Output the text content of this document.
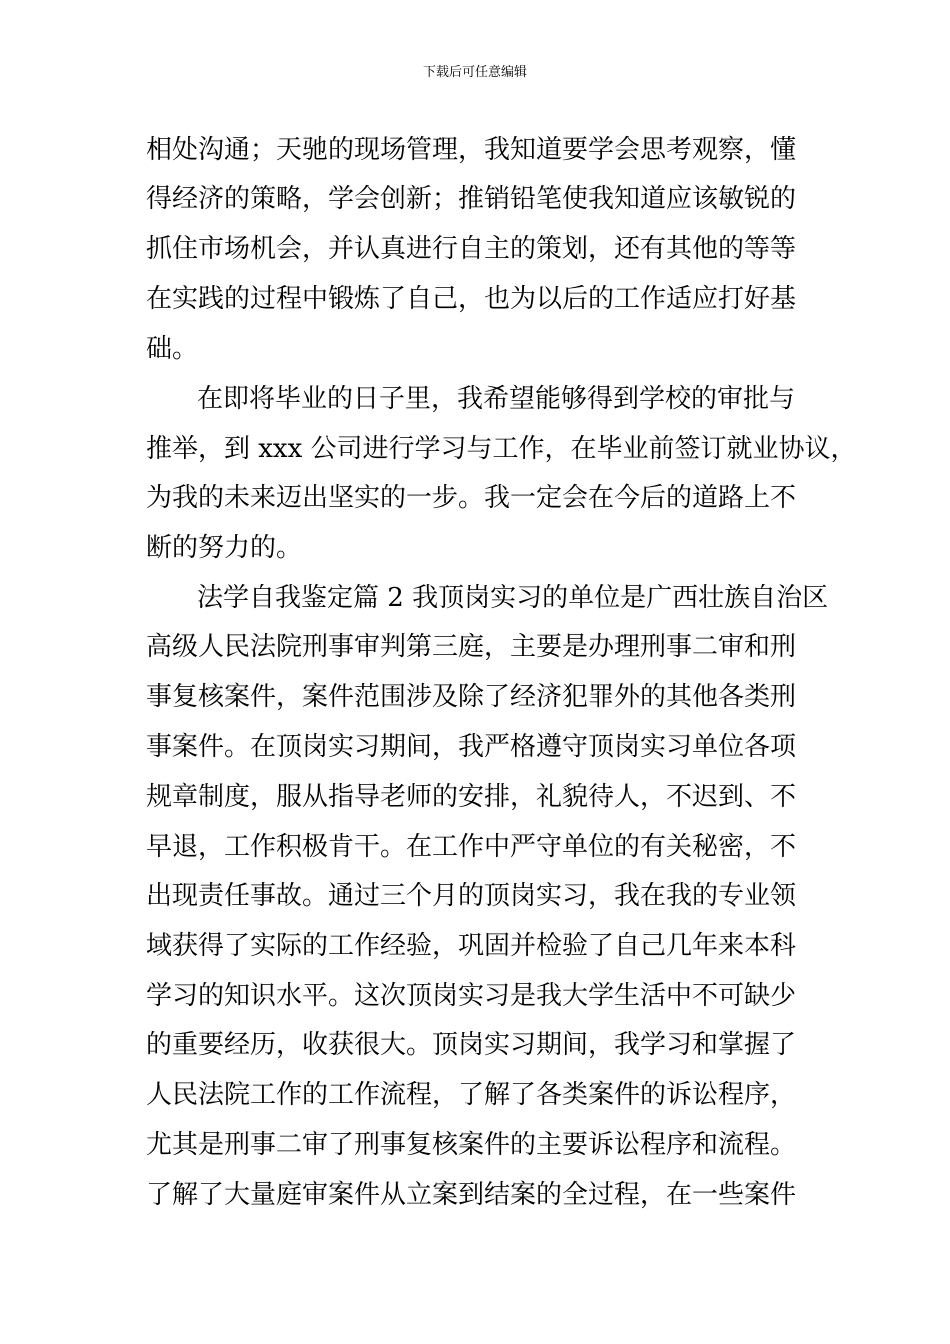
下载后可任意编辑
相处沟通；天驰的现场管理，我知道要学会思考观察，懂
得经济的策略，学会创新；推销铅笔使我知道应该敏锐的
抓住市场机会，并认真进行自主的策划，还有其他的等等
在实践的过程中锻炼了自己，也为以后的工作适应打好基
础。
在即将毕业的日子里，我希望能够得到学校的审批与
推举，到 xxx 公司进行学习与工作，在毕业前签订就业协议，
为我的未来迈出坚实的一步。我一定会在今后的道路上不
断的努力的。
法学自我鉴定篇 2 我顶岗实习的单位是广西壮族自治区
高级人民法院刑事审判第三庭，主要是办理刑事二审和刑
事复核案件，案件范围涉及除了经济犯罪外的其他各类刑
事案件。在顶岗实习期间，我严格遵守顶岗实习单位各项
规章制度，服从指导老师的安排，礼貌待人，不迟到、不
早退，工作积极肯干。在工作中严守单位的有关秘密，不
出现责任事故。通过三个月的顶岗实习，我在我的专业领
域获得了实际的工作经验，巩固并检验了自己几年来本科
学习的知识水平。这次顶岗实习是我大学生活中不可缺少
的重要经历，收获很大。顶岗实习期间，我学习和掌握了
人民法院工作的工作流程，了解了各类案件的诉讼程序，
尤其是刑事二审了刑事复核案件的主要诉讼程序和流程。
了解了大量庭审案件从立案到结案的全过程，在一些案件
